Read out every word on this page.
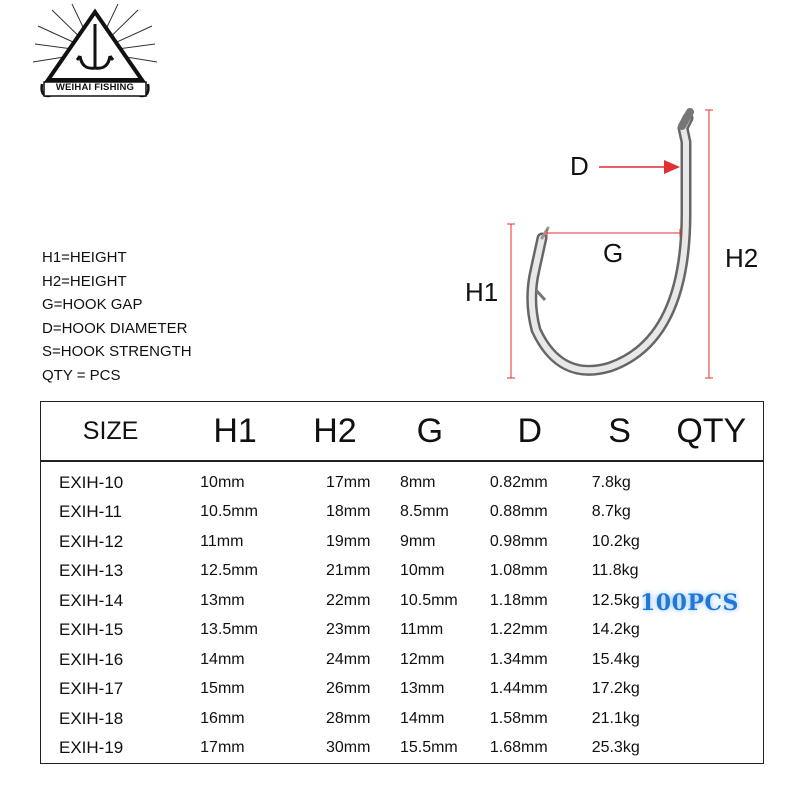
WEIHAI FISHING
H1=HEIGHT
H2=HEIGHT
G=HOOK GAP
D=HOOK DIAMETER
S=HOOK STRENGTH
QTY = PCS
D
G
H1
H2
SIZE	H1	H2	G	D	S	QTY
EXIH-10	10mm	17mm	8mm	0.82mm	7.8kg	
EXIH-11	10.5mm	18mm	8.5mm	0.88mm	8.7kg	
EXIH-12	11mm	19mm	9mm	0.98mm	10.2kg	
EXIH-13	12.5mm	21mm	10mm	1.08mm	11.8kg	
EXIH-14	13mm	22mm	10.5mm	1.18mm	12.5kg	
EXIH-15	13.5mm	23mm	11mm	1.22mm	14.2kg	
EXIH-16	14mm	24mm	12mm	1.34mm	15.4kg	
EXIH-17	15mm	26mm	13mm	1.44mm	17.2kg	
EXIH-18	16mm	28mm	14mm	1.58mm	21.1kg	
EXIH-19	17mm	30mm	15.5mm	1.68mm	25.3kg	
100PCS
